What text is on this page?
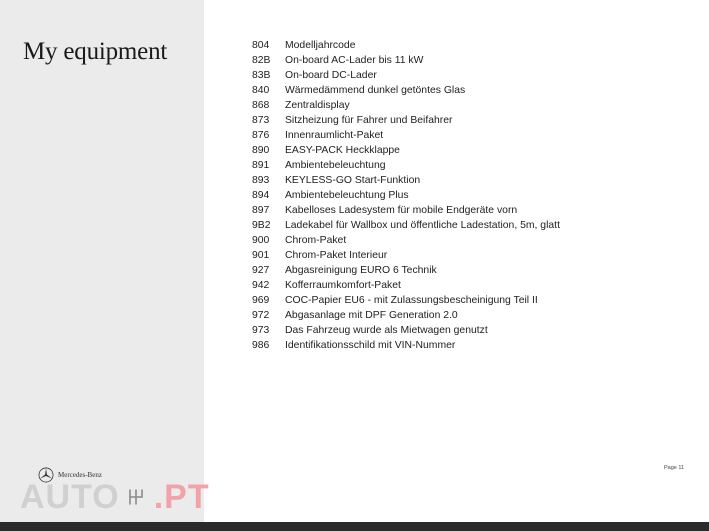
My equipment
Mercedes-Benz
AUTO .PT
804	Modelljahrcode
82B	On-board AC-Lader bis 11 kW
83B	On-board DC-Lader
840	Wärmedämmend dunkel getöntes Glas
868	Zentraldisplay
873	Sitzheizung für Fahrer und Beifahrer
876	Innenraumlicht-Paket
890	EASY-PACK Heckklappe
891	Ambientebeleuchtung
893	KEYLESS-GO Start-Funktion
894	Ambientebeleuchtung Plus
897	Kabelloses Ladesystem für mobile Endgeräte vorn
9B2	Ladekabel für Wallbox und öffentliche Ladestation, 5m, glatt
900	Chrom-Paket
901	Chrom-Paket Interieur
927	Abgasreinigung EURO 6 Technik
942	Kofferraumkomfort-Paket
969	COC-Papier EU6 - mit Zulassungsbescheinigung Teil II
972	Abgasanlage mit DPF Generation 2.0
973	Das Fahrzeug wurde als Mietwagen genutzt
986	Identifikationsschild mit VIN-Nummer
Page 11
